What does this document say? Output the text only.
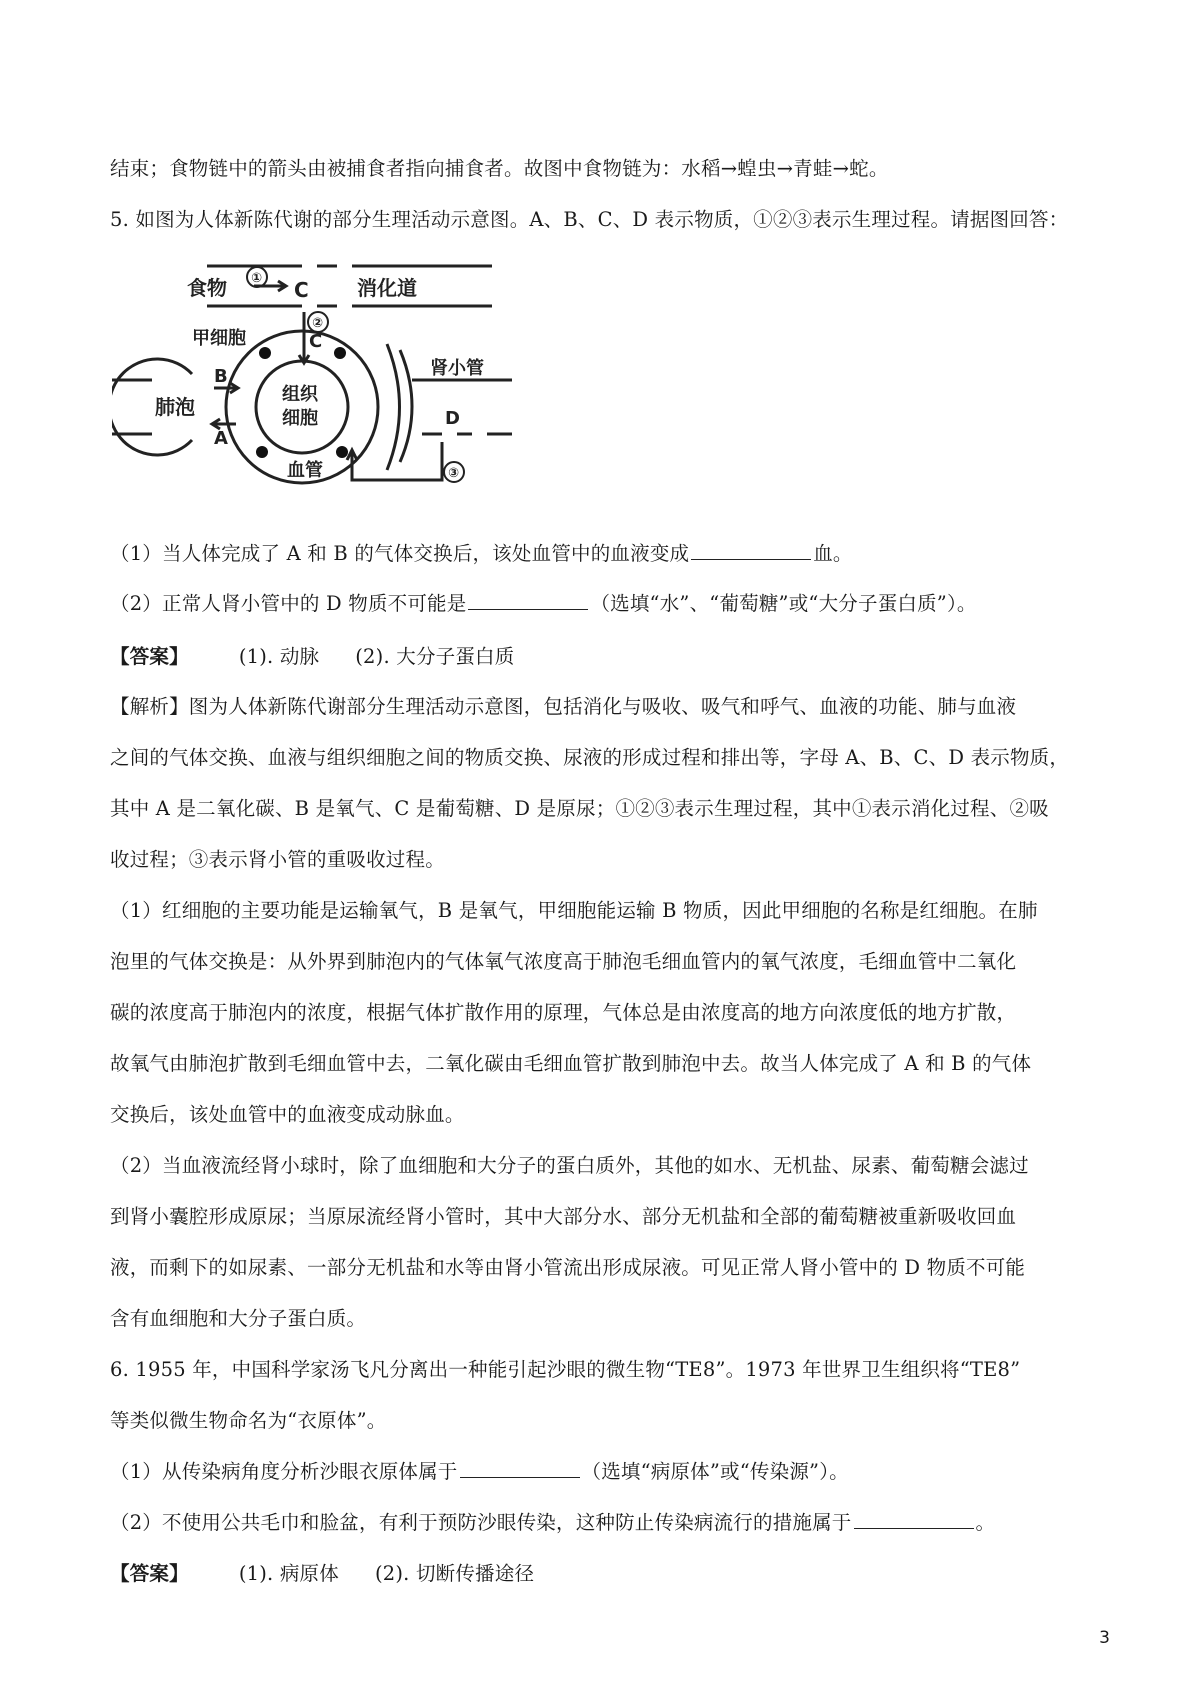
结束；食物链中的箭头由被捕食者指向捕食者。故图中食物链为：水稻→蝗虫→青蛙→蛇。
5. 如图为人体新陈代谢的部分生理活动示意图。A、B、C、D 表示物质，①②③表示生理过程。请据图回答：
食物 ① C 消化道
②
C
甲细胞
肺泡
B
A
组织
细胞
血管
肾小管
D
③
（1）当人体完成了 A 和 B 的气体交换后，该处血管中的血液变成	血。
（2）正常人肾小管中的 D 物质不可能是	（选填“水”、“葡萄糖”或“大分子蛋白质”）。
【答案】	(1). 动脉 (2). 大分子蛋白质
【解析】图为人体新陈代谢部分生理活动示意图，包括消化与吸收、吸气和呼气、血液的功能、肺与血液
之间的气体交换、血液与组织细胞之间的物质交换、尿液的形成过程和排出等，字母 A、B、C、D 表示物质，
其中 A 是二氧化碳、B 是氧气、C 是葡萄糖、D 是原尿；①②③表示生理过程，其中①表示消化过程、②吸
收过程；③表示肾小管的重吸收过程。
（1）红细胞的主要功能是运输氧气，B 是氧气，甲细胞能运输 B 物质，因此甲细胞的名称是红细胞。在肺
泡里的气体交换是：从外界到肺泡内的气体氧气浓度高于肺泡毛细血管内的氧气浓度，毛细血管中二氧化
碳的浓度高于肺泡内的浓度，根据气体扩散作用的原理，气体总是由浓度高的地方向浓度低的地方扩散，
故氧气由肺泡扩散到毛细血管中去，二氧化碳由毛细血管扩散到肺泡中去。故当人体完成了 A 和 B 的气体
交换后，该处血管中的血液变成动脉血。
（2）当血液流经肾小球时，除了血细胞和大分子的蛋白质外，其他的如水、无机盐、尿素、葡萄糖会滤过
到肾小囊腔形成原尿；当原尿流经肾小管时，其中大部分水、部分无机盐和全部的葡萄糖被重新吸收回血
液，而剩下的如尿素、一部分无机盐和水等由肾小管流出形成尿液。可见正常人肾小管中的 D 物质不可能
含有血细胞和大分子蛋白质。
6. 1955 年，中国科学家汤飞凡分离出一种能引起沙眼的微生物“TE8”。1973 年世界卫生组织将“TE8”
等类似微生物命名为“衣原体”。
（1）从传染病角度分析沙眼衣原体属于	（选填“病原体”或“传染源”）。
（2）不使用公共毛巾和脸盆，有利于预防沙眼传染，这种防止传染病流行的措施属于	。
【答案】	(1). 病原体 (2). 切断传播途径
3
